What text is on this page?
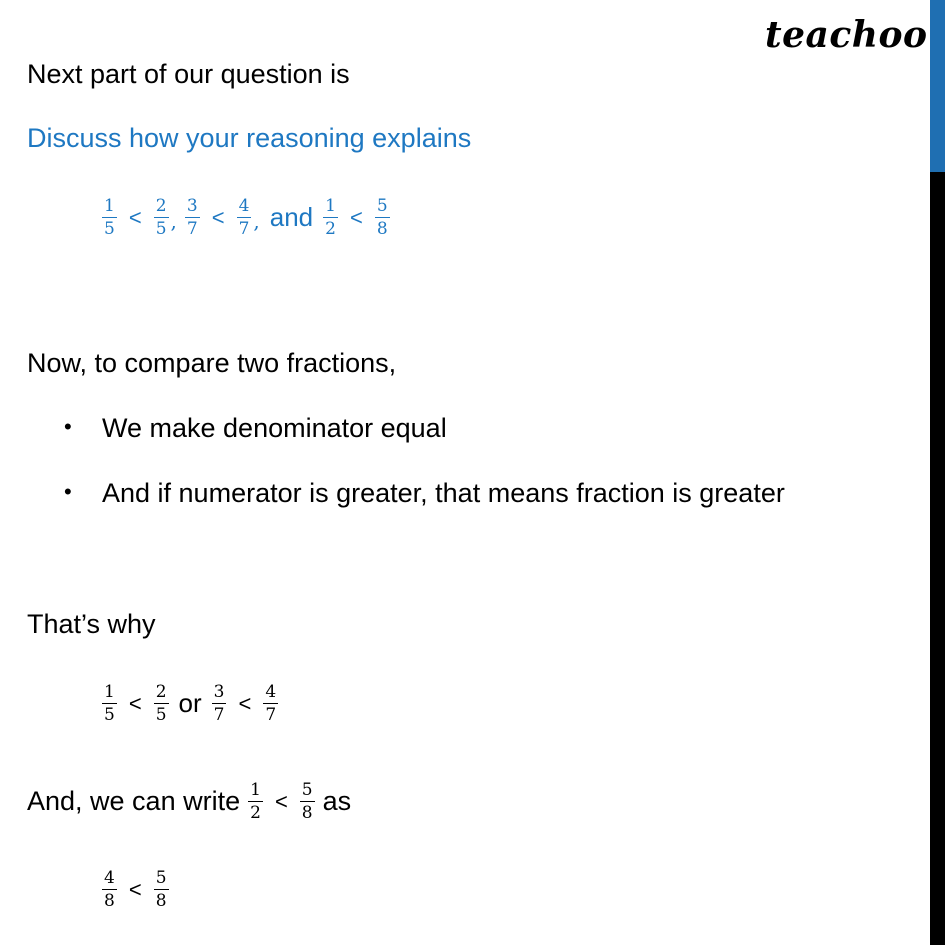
teachoo
Next part of our question is
Discuss how your reasoning explains
$\frac{1}{5} < \frac{2}{5}$ , $\frac{3}{7} < \frac{4}{7}$ , and $\frac{1}{2} < \frac{5}{8}$
Now, to compare two fractions,
• We make denominator equal
• And if numerator is greater, that means fraction is greater
That’s why
$\frac{1}{5} < \frac{2}{5}$ or $\frac{3}{7} < \frac{4}{7}$
And, we can write $\frac{1}{2} < \frac{5}{8}$ as
$\frac{4}{8} < \frac{5}{8}$
